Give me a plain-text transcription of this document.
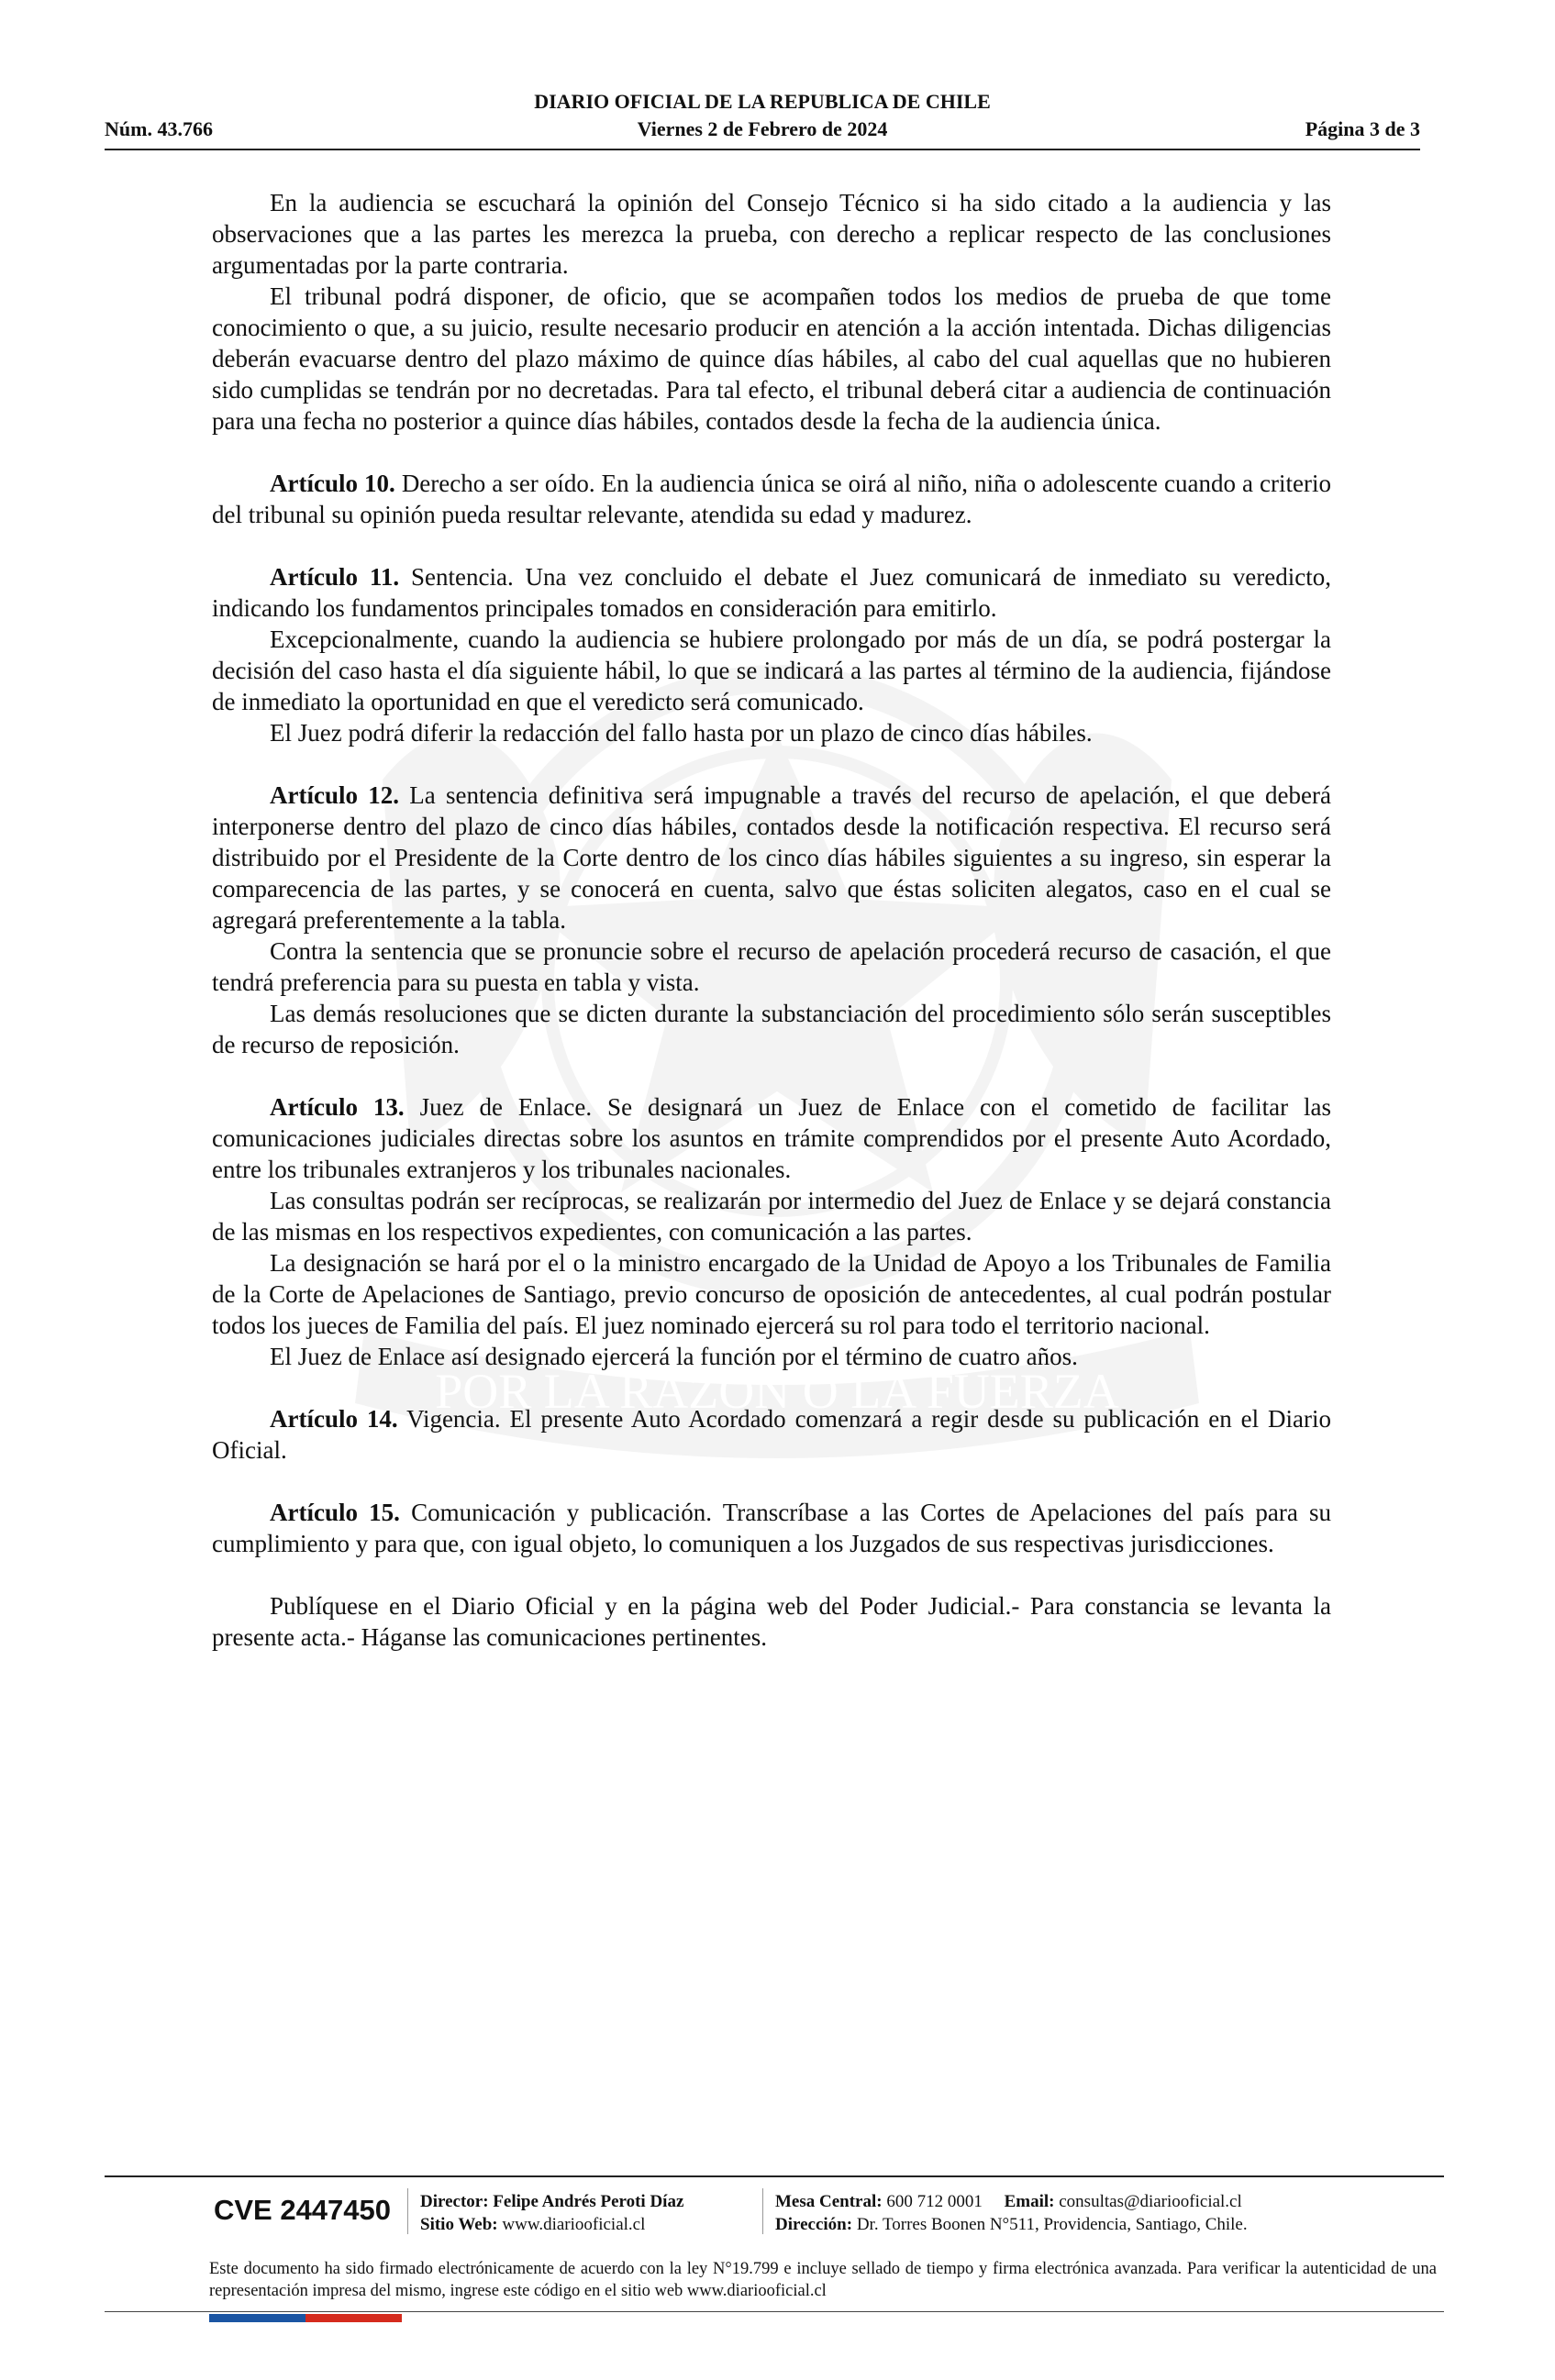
DIARIO OFICIAL DE LA REPUBLICA DE CHILE
Núm. 43.766	Viernes 2 de Febrero de 2024	Página 3 de 3

En la audiencia se escuchará la opinión del Consejo Técnico si ha sido citado a la audiencia y las observaciones que a las partes les merezca la prueba, con derecho a replicar respecto de las conclusiones argumentadas por la parte contraria.

El tribunal podrá disponer, de oficio, que se acompañen todos los medios de prueba de que tome conocimiento o que, a su juicio, resulte necesario producir en atención a la acción intentada. Dichas diligencias deberán evacuarse dentro del plazo máximo de quince días hábiles, al cabo del cual aquellas que no hubieren sido cumplidas se tendrán por no decretadas. Para tal efecto, el tribunal deberá citar a audiencia de continuación para una fecha no posterior a quince días hábiles, contados desde la fecha de la audiencia única.

Artículo 10. Derecho a ser oído. En la audiencia única se oirá al niño, niña o adolescente cuando a criterio del tribunal su opinión pueda resultar relevante, atendida su edad y madurez.

Artículo 11. Sentencia. Una vez concluido el debate el Juez comunicará de inmediato su veredicto, indicando los fundamentos principales tomados en consideración para emitirlo.

Excepcionalmente, cuando la audiencia se hubiere prolongado por más de un día, se podrá postergar la decisión del caso hasta el día siguiente hábil, lo que se indicará a las partes al término de la audiencia, fijándose de inmediato la oportunidad en que el veredicto será comunicado.

El Juez podrá diferir la redacción del fallo hasta por un plazo de cinco días hábiles.

Artículo 12. La sentencia definitiva será impugnable a través del recurso de apelación, el que deberá interponerse dentro del plazo de cinco días hábiles, contados desde la notificación respectiva. El recurso será distribuido por el Presidente de la Corte dentro de los cinco días hábiles siguientes a su ingreso, sin esperar la comparecencia de las partes, y se conocerá en cuenta, salvo que éstas soliciten alegatos, caso en el cual se agregará preferentemente a la tabla.

Contra la sentencia que se pronuncie sobre el recurso de apelación procederá recurso de casación, el que tendrá preferencia para su puesta en tabla y vista.

Las demás resoluciones que se dicten durante la substanciación del procedimiento sólo serán susceptibles de recurso de reposición.

Artículo 13. Juez de Enlace. Se designará un Juez de Enlace con el cometido de facilitar las comunicaciones judiciales directas sobre los asuntos en trámite comprendidos por el presente Auto Acordado, entre los tribunales extranjeros y los tribunales nacionales.

Las consultas podrán ser recíprocas, se realizarán por intermedio del Juez de Enlace y se dejará constancia de las mismas en los respectivos expedientes, con comunicación a las partes.

La designación se hará por el o la ministro encargado de la Unidad de Apoyo a los Tribunales de Familia de la Corte de Apelaciones de Santiago, previo concurso de oposición de antecedentes, al cual podrán postular todos los jueces de Familia del país. El juez nominado ejercerá su rol para todo el territorio nacional.

El Juez de Enlace así designado ejercerá la función por el término de cuatro años.

Artículo 14. Vigencia. El presente Auto Acordado comenzará a regir desde su publicación en el Diario Oficial.

Artículo 15. Comunicación y publicación. Transcríbase a las Cortes de Apelaciones del país para su cumplimiento y para que, con igual objeto, lo comuniquen a los Juzgados de sus respectivas jurisdicciones.

Publíquese en el Diario Oficial y en la página web del Poder Judicial.- Para constancia se levanta la presente acta.- Háganse las comunicaciones pertinentes.

CVE 2447450	Director: Felipe Andrés Peroti Díaz
Sitio Web: www.diariooficial.cl
Mesa Central: 600 712 0001 Email: consultas@diariooficial.cl
Dirección: Dr. Torres Boonen N°511, Providencia, Santiago, Chile.
Este documento ha sido firmado electrónicamente de acuerdo con la ley N°19.799 e incluye sellado de tiempo y firma electrónica avanzada. Para verificar la autenticidad de una representación impresa del mismo, ingrese este código en el sitio web www.diariooficial.cl
